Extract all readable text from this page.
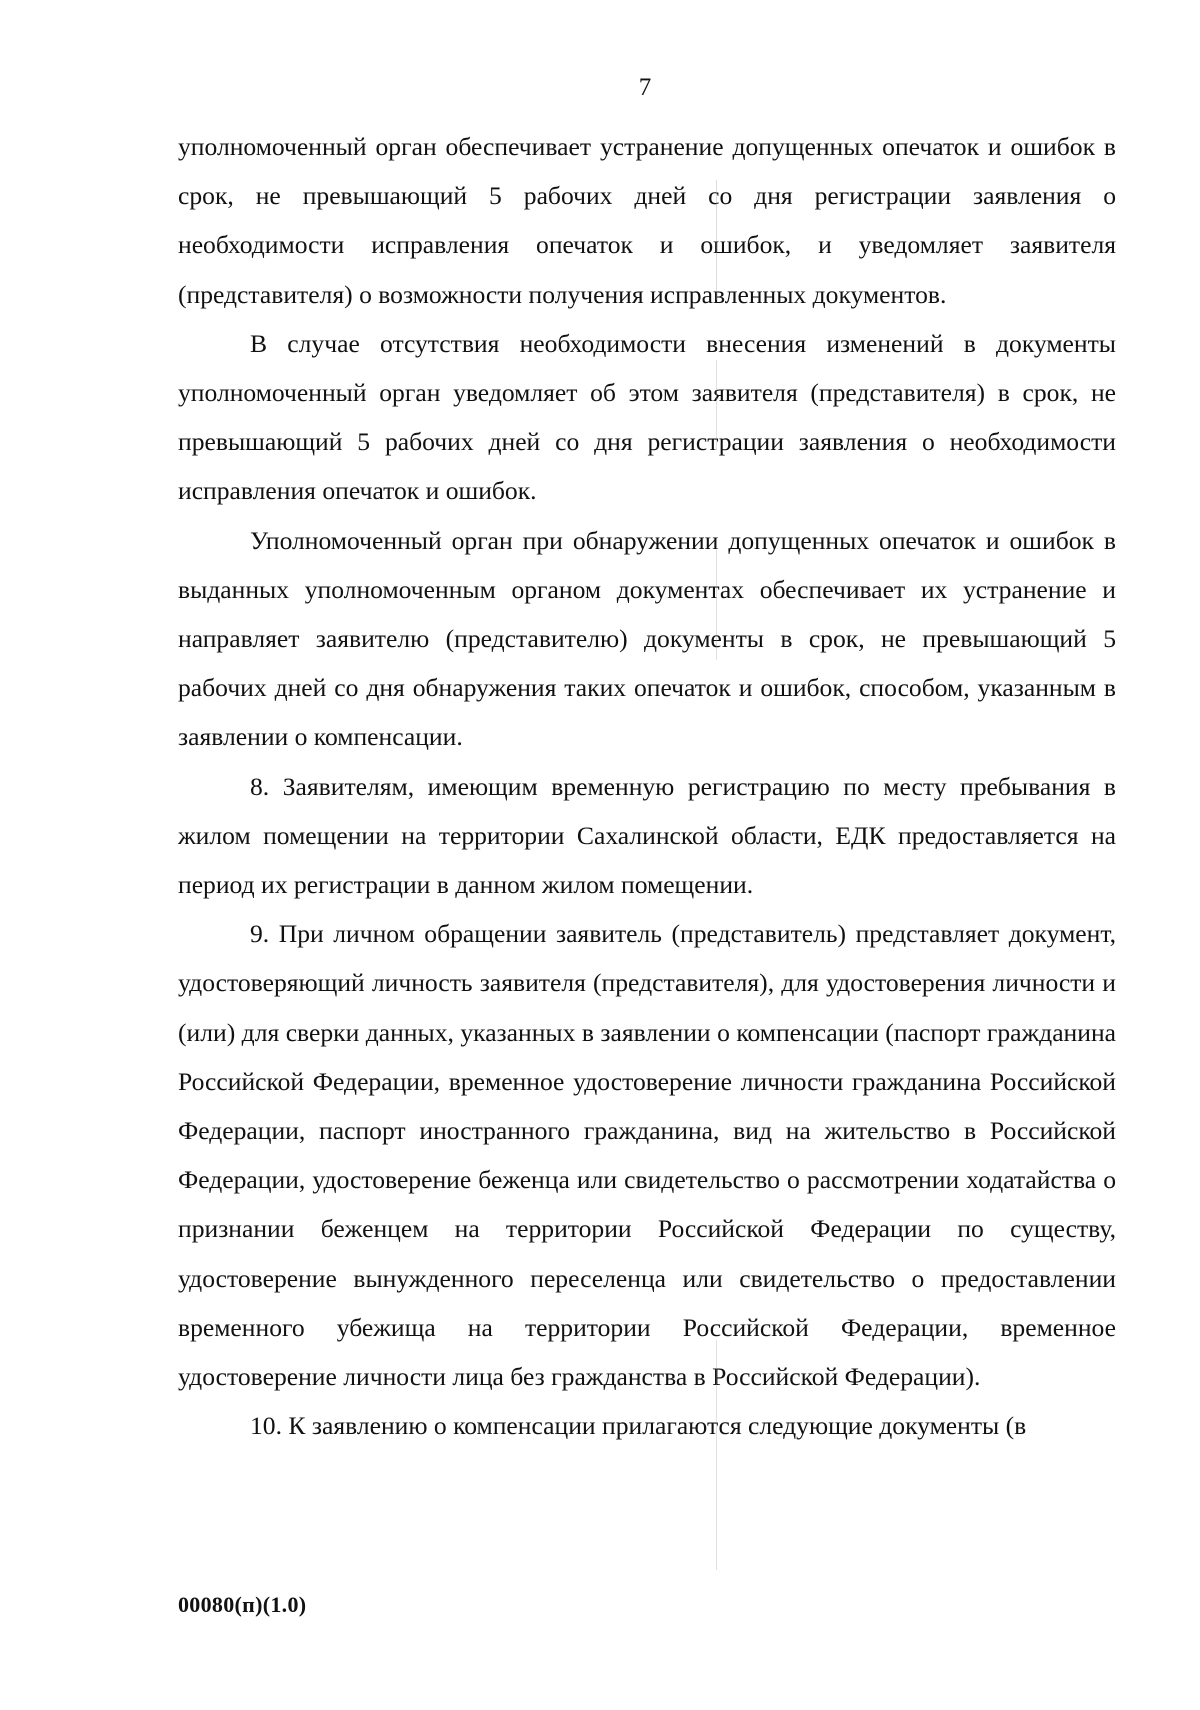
7

уполномоченный орган обеспечивает устранение допущенных опечаток и ошибок в срок, не превышающий 5 рабочих дней со дня регистрации заявления о необходимости исправления опечаток и ошибок, и уведомляет заявителя (представителя) о возможности получения исправленных документов.

В случае отсутствия необходимости внесения изменений в документы уполномоченный орган уведомляет об этом заявителя (представителя) в срок, не превышающий 5 рабочих дней со дня регистрации заявления о необходимости исправления опечаток и ошибок.

Уполномоченный орган при обнаружении допущенных опечаток и ошибок в выданных уполномоченным органом документах обеспечивает их устранение и направляет заявителю (представителю) документы в срок, не превышающий 5 рабочих дней со дня обнаружения таких опечаток и ошибок, способом, указанным в заявлении о компенсации.

8. Заявителям, имеющим временную регистрацию по месту пребывания в жилом помещении на территории Сахалинской области, ЕДК предоставляется на период их регистрации в данном жилом помещении.

9. При личном обращении заявитель (представитель) представляет документ, удостоверяющий личность заявителя (представителя), для удостоверения личности и (или) для сверки данных, указанных в заявлении о компенсации (паспорт гражданина Российской Федерации, временное удостоверение личности гражданина Российской Федерации, паспорт иностранного гражданина, вид на жительство в Российской Федерации, удостоверение беженца или свидетельство о рассмотрении ходатайства о признании беженцем на территории Российской Федерации по существу, удостоверение вынужденного переселенца или свидетельство о предоставлении временного убежища на территории Российской Федерации, временное удостоверение личности лица без гражданства в Российской Федерации).

10. К заявлению о компенсации прилагаются следующие документы (в

00080(п)(1.0)
